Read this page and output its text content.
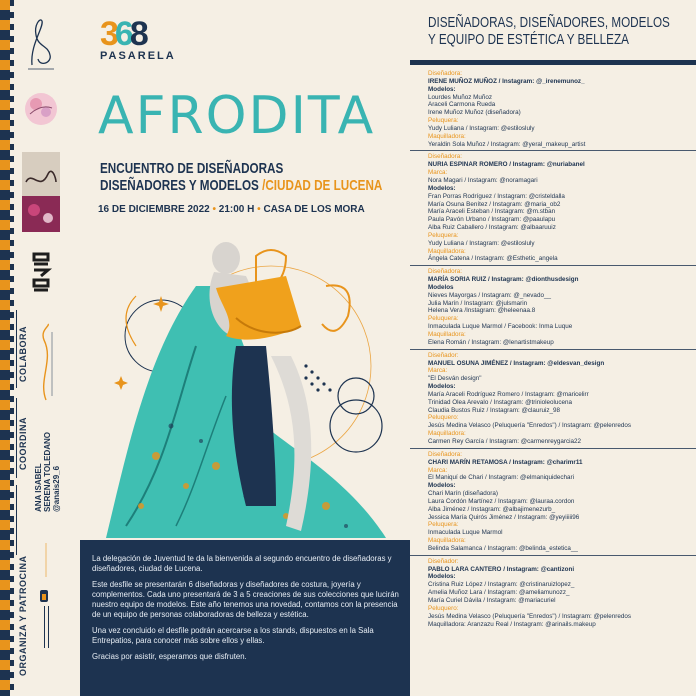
COLABORA
COORDINA
ANA ISABEL SERENA TOLEDANO @anais29_6
ORGANIZA Y PATROCINA
368
PASARELA
AFRODITA
ENCUENTRO DE DISEÑADORAS
DISEÑADORES Y MODELOS /CIUDAD DE LUCENA
16 DE DICIEMBRE 2022 • 21:00 H • CASA DE LOS MORA

La delegación de Juventud te da la bienvenida al segundo encuentro de diseñadoras y diseñadores, ciudad de Lucena.

Este desfile se presentarán 6 diseñadoras y diseñadores de costura, joyería y complementos. Cada uno presentará de 3 a 5 creaciones de sus colecciones que lucirán nuestro equipo de modelos. Este año tenemos una novedad, contamos con la presencia de un equipo de personas colaboradoras de belleza y estética.

Una vez concluido el desfile podrán acercarse a los stands, dispuestos en la Sala Entrepatios, para conocer más sobre ellos y ellas.

Gracias por asistir, esperamos que disfruten.

DISEÑADORAS, DISEÑADORES, MODELOS
Y EQUIPO DE ESTÉTICA Y BELLEZA
Diseñadora:
IRENE MUÑOZ MUÑOZ / Instagram: @_irenemunoz_
Modelos:
Lourdes Muñoz Muñoz
Araceli Carmona Rueda
Irene Muñoz Muñoz (diseñadora)
Peluquera:
Yudy Luliana / Instagram: @estilosluly
Maquilladora:
Yeraldin Sola Muñoz / Instagram: @yeral_makeup_artist
Diseñadora:
NURIA ESPINAR ROMERO / Instagram: @nuriabanel
Marca:
Nora Magari / Instagram: @noramagari
Modelos:
Fran Porras Rodríguez / Instagram: @cristeldalla
María Osuna Benítez / Instagram: @maria_ob2
María Araceli Esteban / Instagram: @m.stban
Paula Pavón Urbano / Instagram: @paaulapu
Alba Ruiz Caballero / Instagram: @albaaruuiz
Peluquera:
Yudy Luliana / Instagram: @estilosluly
Maquilladora:
Ángela Catena / Instagram: @Esthetic_angela
Diseñadora:
MARÍA SORIA RUIZ / Instagram: @dionthusdesign
Modelos
Nieves Mayorgas / Instagram: @_nevado__
Julia Marín / Instagram: @julsmarin
Helena Vera /Instagram: @heleenaa.8
Peluquera:
Inmaculada Luque Marmol / Facebook: Inma Luque
Maquilladora:
Elena Román / Instagram: @lenartistmakeup
Diseñador:
MANUEL OSUNA JIMÉNEZ / Instagram: @eldesvan_design
Marca:
"El Desván design"
Modelos:
María Araceli Rodríguez Romero / Instagram: @maricelirr
Trinidad Olea Arevalo / Instagram: @trinioleolucena
Claudia Bustos Ruiz / Instagram: @clauruiz_98
Peluquero:
Jesús Medina Velasco (Peluquería "Enredos") / Instagram: @pelenredos
Maquilladora:
Carmen Rey García / Instagram: @carmenreygarcia22
Diseñadora:
CHARI MARÍN RETAMOSA / Instagram: @charimr11
Marca:
El Maniquí de Chari / Instagram: @elmaniquidechari
Modelos:
Chari Marín (diseñadora)
Laura Cordón Martínez / Instagram: @lauraa.cordon
Alba Jiménez / Instagram: @albajimenezurb_
Jessica María Quirós Jiménez / Instagram: @yeyiiiii96
Peluquera:
Inmaculada Luque Marmol
Maquilladora:
Belinda Salamanca / Instagram: @belinda_estetica__
Diseñador:
PABLO LARA CANTERO / Instagram: @cantizoni
Modelos:
Cristina Ruiz López / Instagram: @cristinaruizlopez_
Amelia Muñoz Lara / Instagram: @ameliamunozz_
María Curiel Dávila / Instagram: @mariacuriel
Peluquero:
Jesús Medina Velasco (Peluquería "Enredos") / Instagram: @pelenredos
Maquilladora: Aranzazu Real / Instagram: @arinails.makeup
